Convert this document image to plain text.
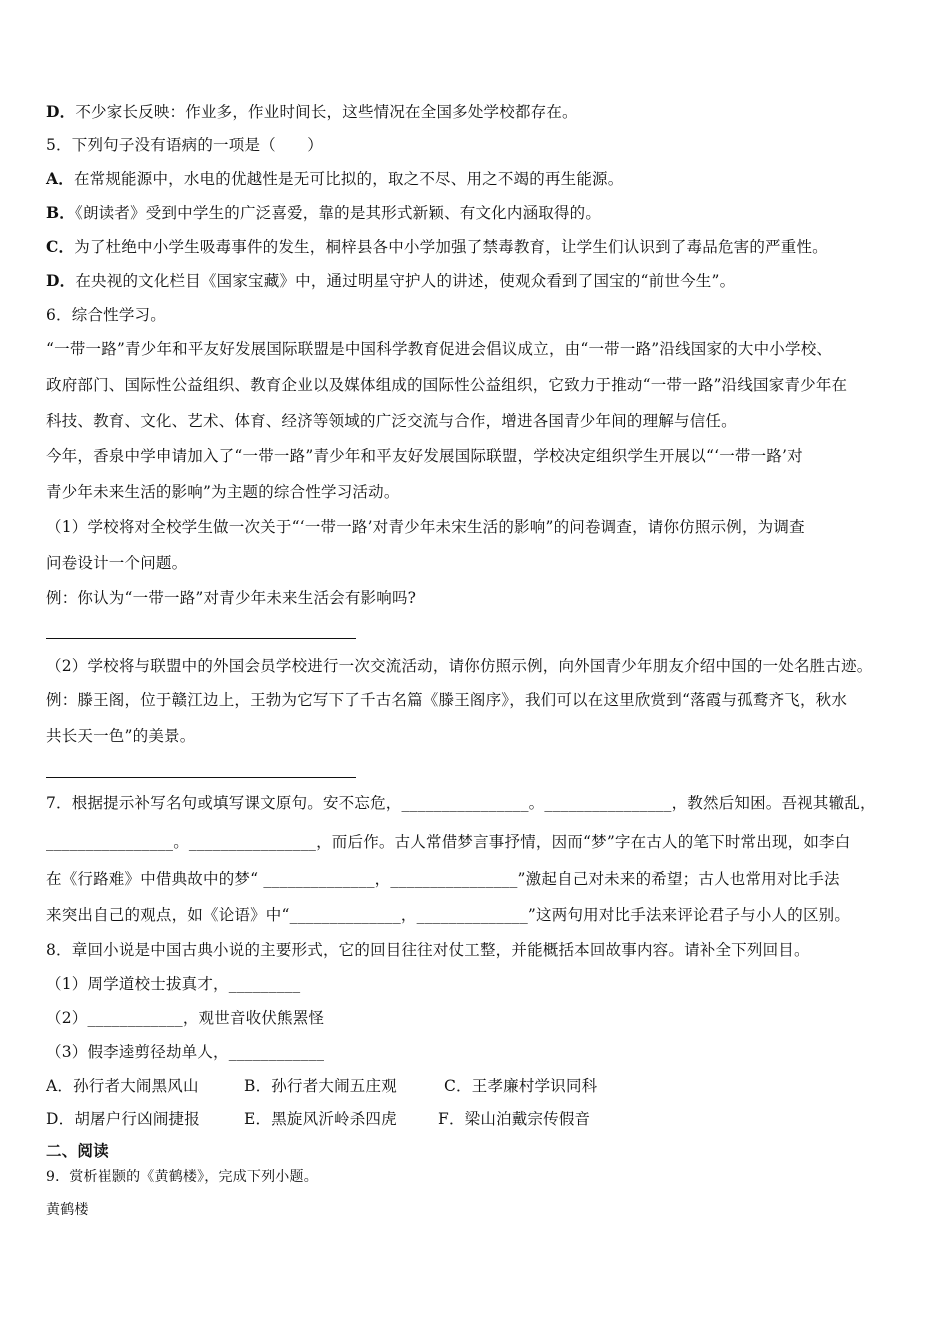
D．不少家长反映：作业多，作业时间长，这些情况在全国多处学校都存在。
5．下列句子没有语病的一项是（　　）
A．在常规能源中，水电的优越性是无可比拟的，取之不尽、用之不竭的再生能源。
B．《朗读者》受到中学生的广泛喜爱，靠的是其形式新颖、有文化内涵取得的。
C．为了杜绝中小学生吸毒事件的发生，桐梓县各中小学加强了禁毒教育，让学生们认识到了毒品危害的严重性。
D．在央视的文化栏目《国家宝藏》中，通过明星守护人的讲述，使观众看到了国宝的“前世今生”。
6．综合性学习。
“一带一路”青少年和平友好发展国际联盟是中国科学教育促进会倡议成立，由“一带一路”沿线国家的大中小学校、
政府部门、国际性公益组织、教育企业以及媒体组成的国际性公益组织，它致力于推动“一带一路”沿线国家青少年在
科技、教育、文化、艺术、体育、经济等领域的广泛交流与合作，增进各国青少年间的理解与信任。
今年，香泉中学申请加入了“一带一路”青少年和平友好发展国际联盟，学校决定组织学生开展以“‘一带一路’对
青少年未来生活的影响”为主题的综合性学习活动。
（1）学校将对全校学生做一次关于“‘一带一路’对青少年未宋生活的影响”的问卷调查，请你仿照示例，为调查
问卷设计一个问题。
例：你认为“一带一路”对青少年未来生活会有影响吗?
（2）学校将与联盟中的外国会员学校进行一次交流活动，请你仿照示例，向外国青少年朋友介绍中国的一处名胜古迹。
例：滕王阁，位于赣江边上，王勃为它写下了千古名篇《滕王阁序》，我们可以在这里欣赏到“落霞与孤鹜齐飞，秋水
共长天一色”的美景。
7．根据提示补写名句或填写课文原句。安不忘危，________________。________________，教然后知困。吾视其辙乱，
________________。________________，而后作。古人常借梦言事抒情，因而“梦”字在古人的笔下时常出现，如李白
在《行路难》中借典故中的梦“ ______________，________________”激起自己对未来的希望；古人也常用对比手法
来突出自己的观点，如《论语》中“______________，______________”这两句用对比手法来评论君子与小人的区别。
8．章回小说是中国古典小说的主要形式，它的回目往往对仗工整，并能概括本回故事内容。请补全下列回目。
（1）周学道校士拔真才，_________
（2）____________，观世音收伏熊罴怪
（3）假李逵剪径劫单人，____________
A．孙行者大闹黑风山	B．孙行者大闹五庄观	C．王孝廉村学识同科
D．胡屠户行凶闹捷报	E．黑旋风沂岭杀四虎	F．梁山泊戴宗传假音
二、阅读
9．赏析崔颢的《黄鹤楼》，完成下列小题。
黄鹤楼
